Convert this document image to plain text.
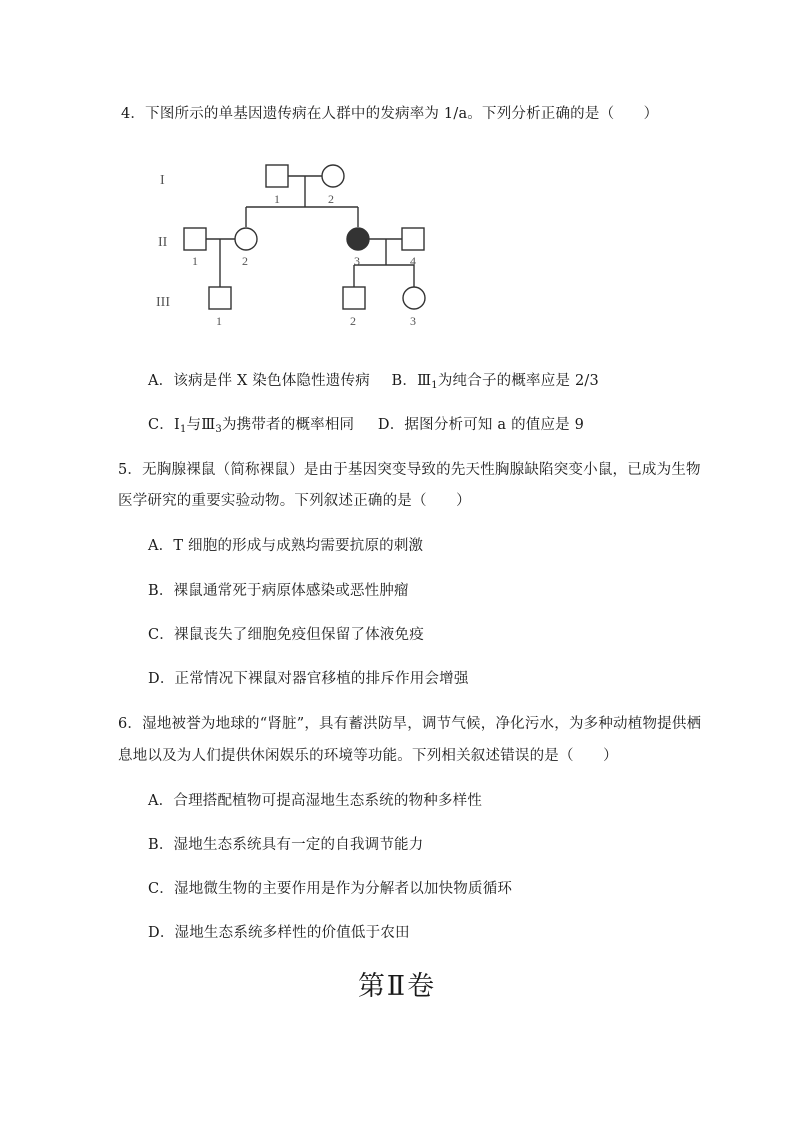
4．下图所示的单基因遗传病在人群中的发病率为 1/a。下列分析正确的是（　　）
I
II
III
1	2
1	2	3	4
1	2	3
A．该病是伴 X 染色体隐性遗传病 B．$Ⅲ_1$为纯合子的概率应是 2/3
C．$Ⅰ_1$与$Ⅲ_3$为携带者的概率相同 D．据图分析可知 a 的值应是 9
5．无胸腺裸鼠（简称裸鼠）是由于基因突变导致的先天性胸腺缺陷突变小鼠，已成为生物
医学研究的重要实验动物。下列叙述正确的是（　　）
A．T 细胞的形成与成熟均需要抗原的刺激
B．裸鼠通常死于病原体感染或恶性肿瘤
C．裸鼠丧失了细胞免疫但保留了体液免疫
D．正常情况下裸鼠对器官移植的排斥作用会增强
6．湿地被誉为地球的“肾脏”，具有蓄洪防旱，调节气候，净化污水，为多种动植物提供栖
息地以及为人们提供休闲娱乐的环境等功能。下列相关叙述错误的是（　　）
A．合理搭配植物可提高湿地生态系统的物种多样性
B．湿地生态系统具有一定的自我调节能力
C．湿地微生物的主要作用是作为分解者以加快物质循环
D．湿地生态系统多样性的价值低于农田
第Ⅱ卷
